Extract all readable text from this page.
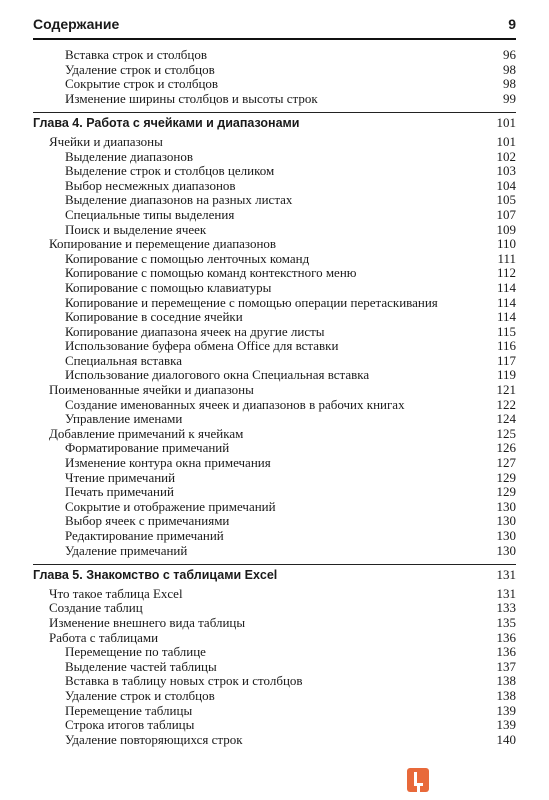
Содержание	9
Вставка строк и столбцов	96
Удаление строк и столбцов	98
Сокрытие строк и столбцов	98
Изменение ширины столбцов и высоты строк	99
Глава 4. Работа с ячейками и диапазонами	101
Ячейки и диапазоны	101
Выделение диапазонов	102
Выделение строк и столбцов целиком	103
Выбор несмежных диапазонов	104
Выделение диапазонов на разных листах	105
Специальные типы выделения	107
Поиск и выделение ячеек	109
Копирование и перемещение диапазонов	110
Копирование с помощью ленточных команд	111
Копирование с помощью команд контекстного меню	112
Копирование с помощью клавиатуры	114
Копирование и перемещение с помощью операции перетаскивания	114
Копирование в соседние ячейки	114
Копирование диапазона ячеек на другие листы	115
Использование буфера обмена Office для вставки	116
Специальная вставка	117
Использование диалогового окна Специальная вставка	119
Поименованные ячейки и диапазоны	121
Создание именованных ячеек и диапазонов в рабочих книгах	122
Управление именами	124
Добавление примечаний к ячейкам	125
Форматирование примечаний	126
Изменение контура окна примечания	127
Чтение примечаний	129
Печать примечаний	129
Сокрытие и отображение примечаний	130
Выбор ячеек с примечаниями	130
Редактирование примечаний	130
Удаление примечаний	130
Глава 5. Знакомство с таблицами Excel	131
Что такое таблица Excel	131
Создание таблиц	133
Изменение внешнего вида таблицы	135
Работа с таблицами	136
Перемещение по таблице	136
Выделение частей таблицы	137
Вставка в таблицу новых строк и столбцов	138
Удаление строк и столбцов	138
Перемещение таблицы	139
Строка итогов таблицы	139
Удаление повторяющихся строк	140
